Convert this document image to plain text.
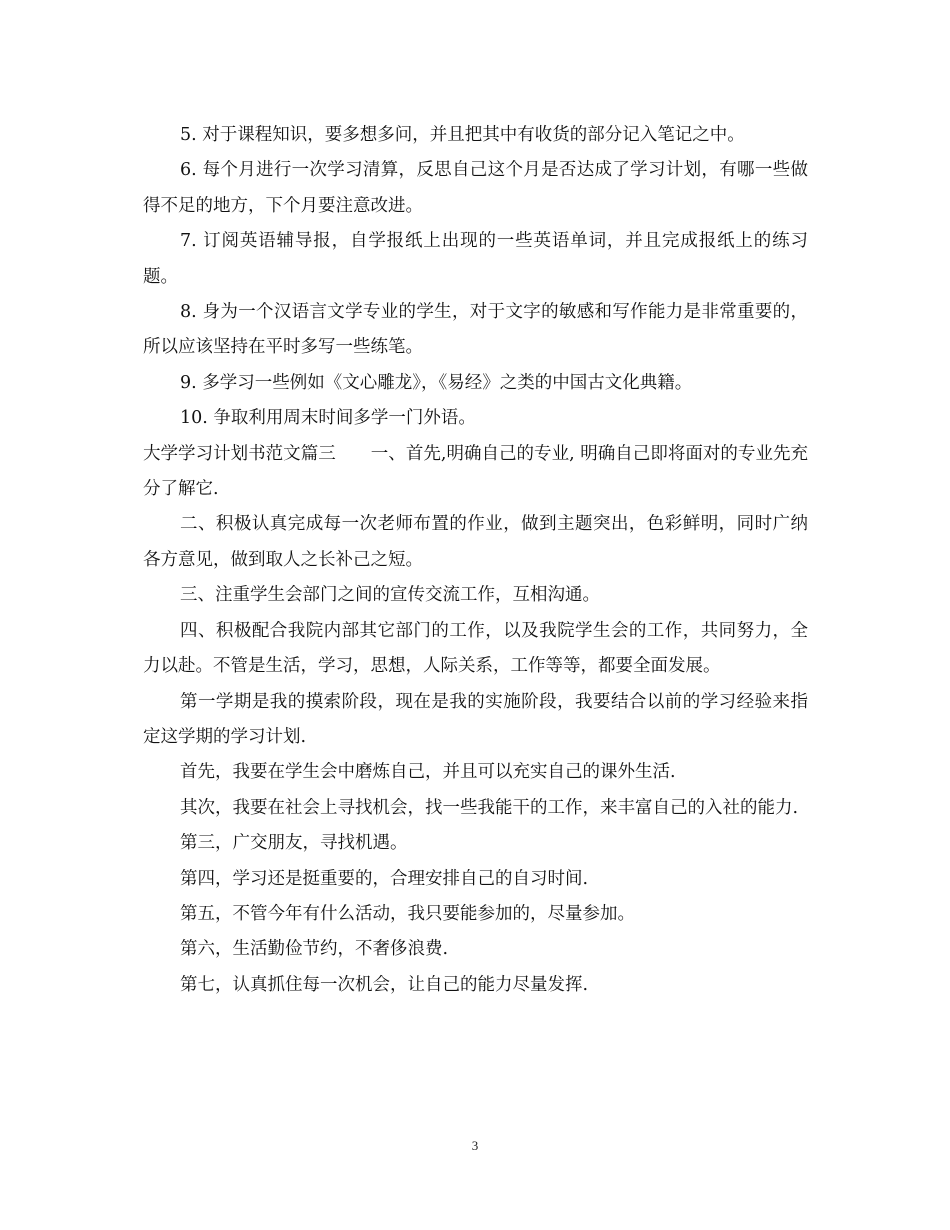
5. 对于课程知识，要多想多问，并且把其中有收货的部分记入笔记之中。

6. 每个月进行一次学习清算，反思自己这个月是否达成了学习计划，有哪一些做得不足的地方，下个月要注意改进。

7. 订阅英语辅导报，自学报纸上出现的一些英语单词，并且完成报纸上的练习题。

8. 身为一个汉语言文学专业的学生，对于文字的敏感和写作能力是非常重要的，所以应该坚持在平时多写一些练笔。

9. 多学习一些例如《文心雕龙》，《易经》之类的中国古文化典籍。

10. 争取利用周末时间多学一门外语。

大学学习计划书范文篇三　　一、首先,明确自己的专业, 明确自己即将面对的专业先充分了解它.

二、积极认真完成每一次老师布置的作业，做到主题突出，色彩鲜明，同时广纳各方意见，做到取人之长补己之短。

三、注重学生会部门之间的宣传交流工作，互相沟通。

四、积极配合我院内部其它部门的工作，以及我院学生会的工作，共同努力，全力以赴。不管是生活，学习，思想，人际关系，工作等等，都要全面发展。

第一学期是我的摸索阶段，现在是我的实施阶段，我要结合以前的学习经验来指定这学期的学习计划.

首先，我要在学生会中磨炼自己，并且可以充实自己的课外生活.

其次，我要在社会上寻找机会，找一些我能干的工作，来丰富自己的入社的能力.

第三，广交朋友，寻找机遇。

第四，学习还是挺重要的，合理安排自己的自习时间.

第五，不管今年有什么活动，我只要能参加的，尽量参加。

第六，生活勤俭节约，不奢侈浪费.

第七，认真抓住每一次机会，让自己的能力尽量发挥.

3
